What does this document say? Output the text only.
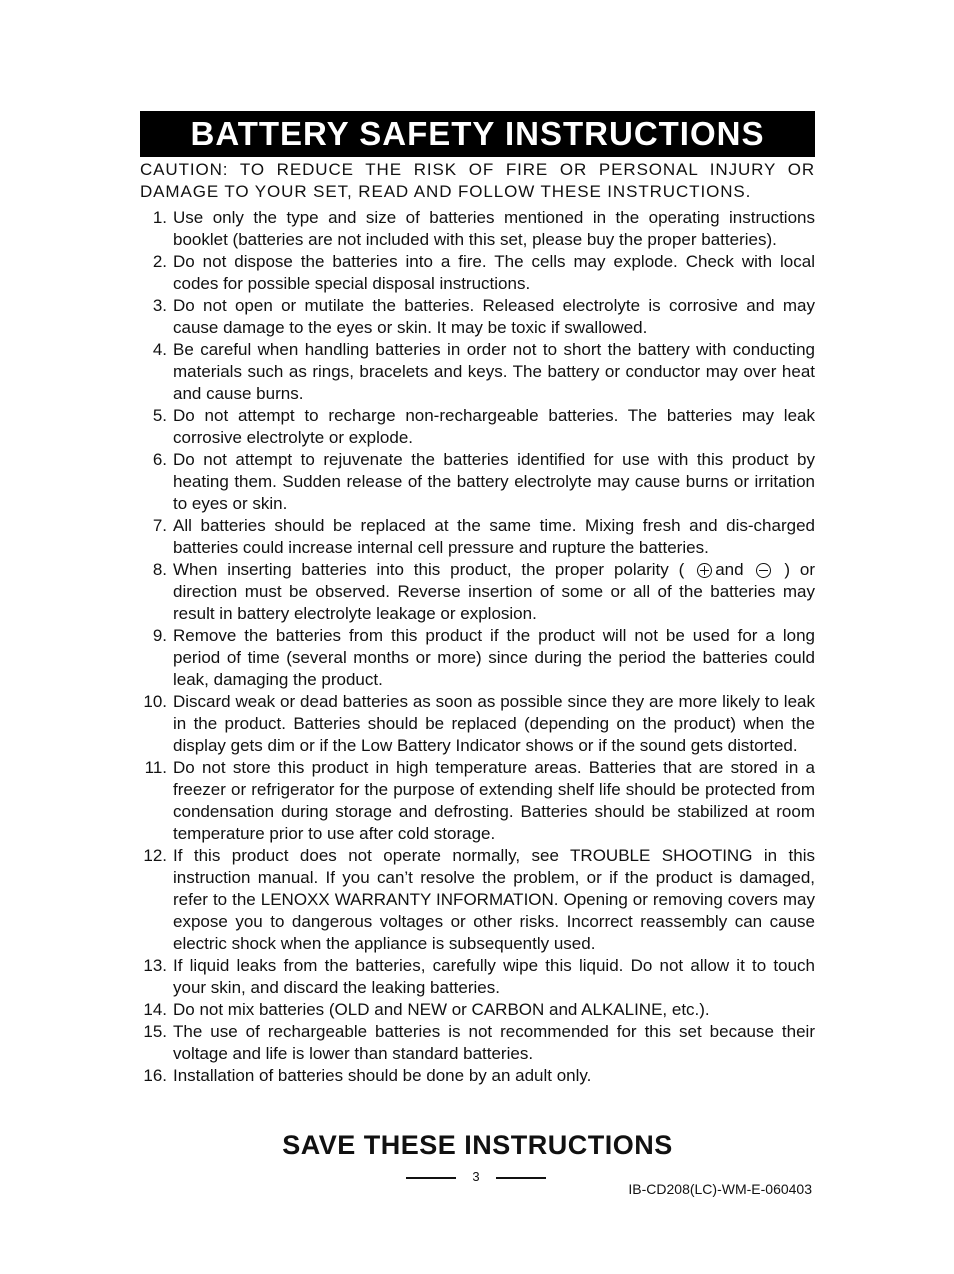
BATTERY SAFETY INSTRUCTIONS
CAUTION: TO REDUCE THE RISK OF FIRE OR PERSONAL INJURY OR DAMAGE TO YOUR SET, READ AND FOLLOW THESE INSTRUCTIONS.
1. Use only the type and size of batteries mentioned in the operating instructions booklet (batteries are not included with this set, please buy the proper batteries).
2. Do not dispose the batteries into a fire. The cells may explode. Check with local codes for possible special disposal instructions.
3. Do not open or mutilate the batteries. Released electrolyte is corrosive and may cause damage to the eyes or skin. It may be toxic if swallowed.
4. Be careful when handling batteries in order not to short the battery with conducting materials such as rings, bracelets and keys. The battery or conductor may over heat and cause burns.
5. Do not attempt to recharge non-rechargeable batteries. The batteries may leak corrosive electrolyte or explode.
6. Do not attempt to rejuvenate the batteries identified for use with this product by heating them. Sudden release of the battery electrolyte may cause burns or irritation to eyes or skin.
7. All batteries should be replaced at the same time. Mixing fresh and dis-charged batteries could increase internal cell pressure and rupture the batteries.
8. When inserting batteries into this product, the proper polarity ( and ) or direction must be observed. Reverse insertion of some or all of the batteries may result in battery electrolyte leakage or explosion.
9. Remove the batteries from this product if the product will not be used for a long period of time (several months or more) since during the period the batteries could leak, damaging the product.
10. Discard weak or dead batteries as soon as possible since they are more likely to leak in the product. Batteries should be replaced (depending on the product) when the display gets dim or if the Low Battery Indicator shows or if the sound gets distorted.
11. Do not store this product in high temperature areas. Batteries that are stored in a freezer or refrigerator for the purpose of extending shelf life should be protected from condensation during storage and defrosting. Batteries should be stabilized at room temperature prior to use after cold storage.
12. If this product does not operate normally, see TROUBLE SHOOTING in this instruction manual. If you can’t resolve the problem, or if the product is damaged, refer to the LENOXX WARRANTY INFORMATION. Opening or removing covers may expose you to dangerous voltages or other risks. Incorrect reassembly can cause electric shock when the appliance is subsequently used.
13. If liquid leaks from the batteries, carefully wipe this liquid. Do not allow it to touch your skin, and discard the leaking batteries.
14. Do not mix batteries (OLD and NEW or CARBON and ALKALINE, etc.).
15. The use of rechargeable batteries is not recommended for this set because their voltage and life is lower than standard batteries.
16. Installation of batteries should be done by an adult only.
SAVE THESE INSTRUCTIONS
3
IB-CD208(LC)-WM-E-060403
